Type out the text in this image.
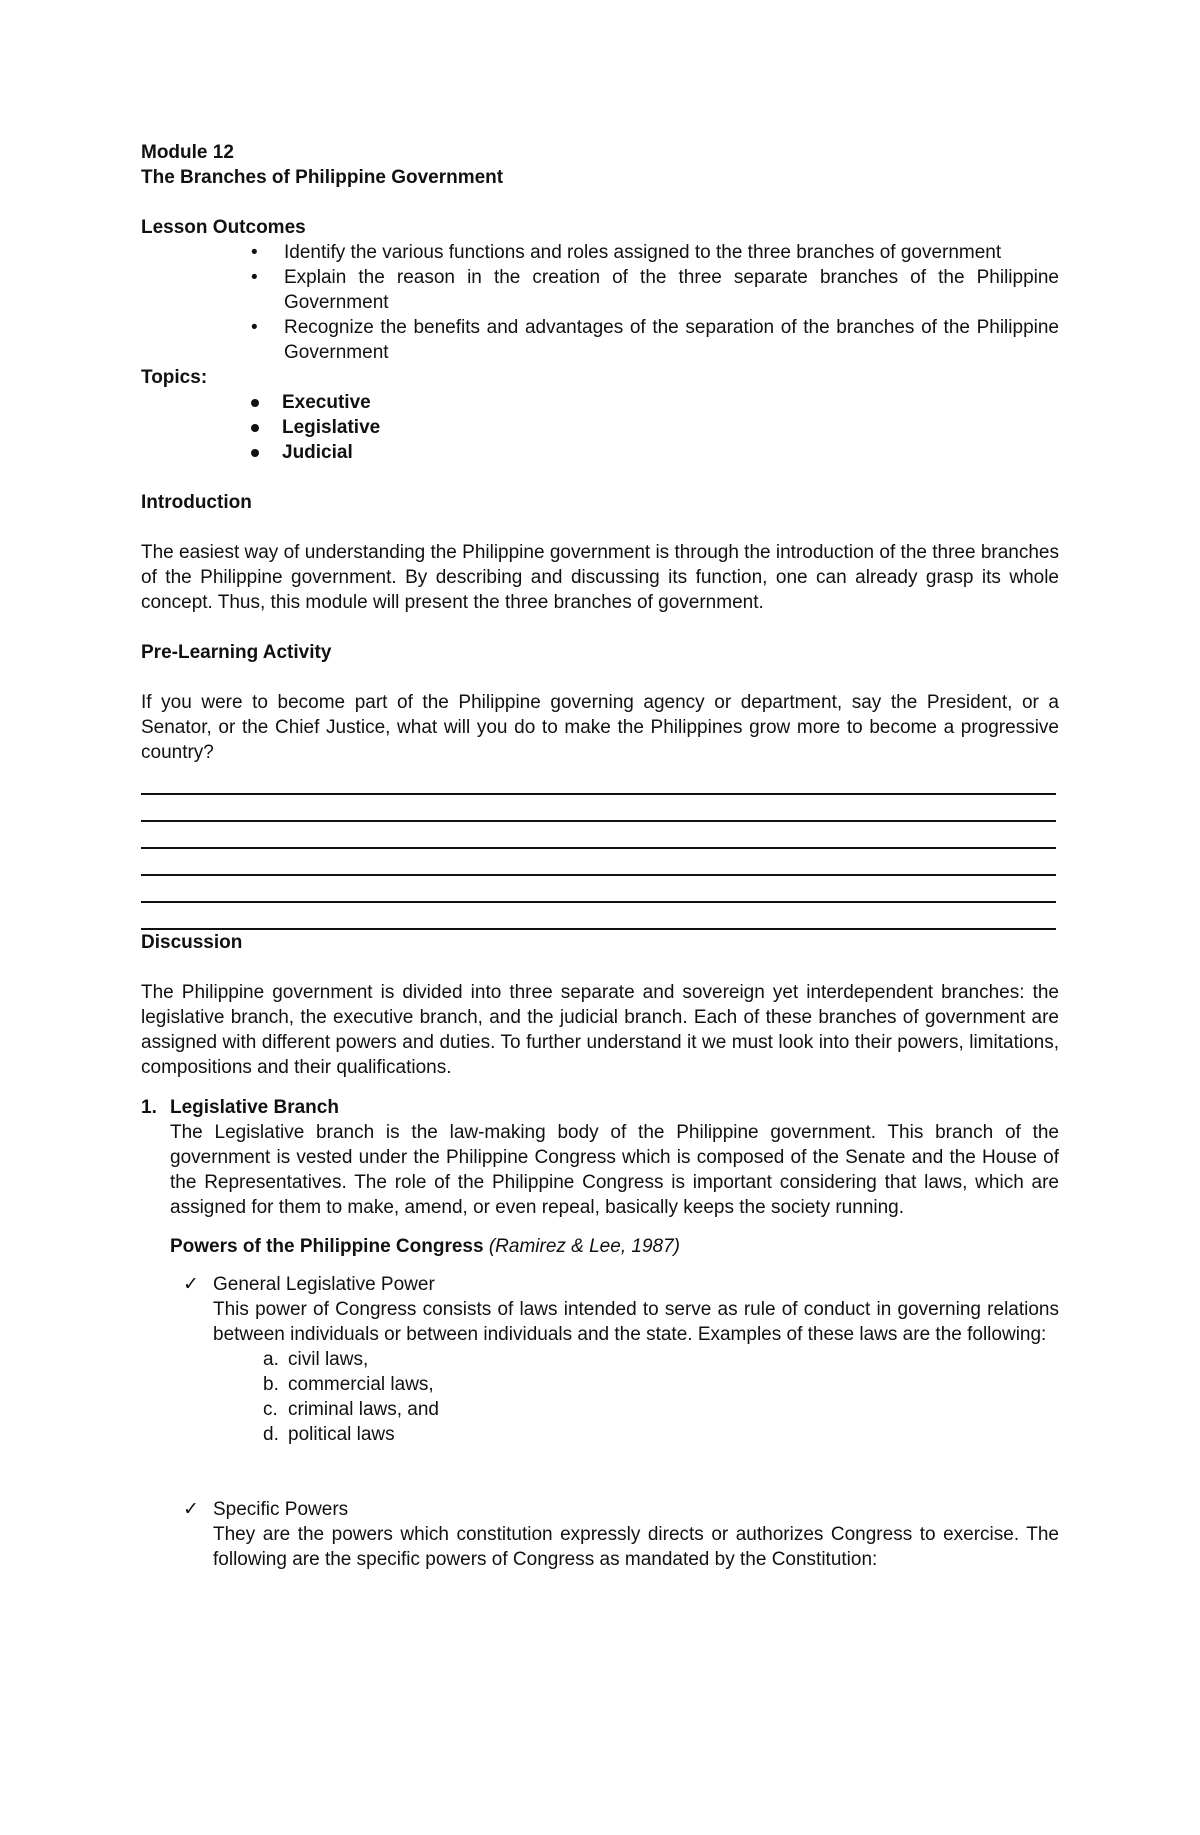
Module 12

The Branches of Philippine Government

Lesson Outcomes

• Identify the various functions and roles assigned to the three branches of government
• Explain the reason in the creation of the three separate branches of the Philippine Government
• Recognize the benefits and advantages of the separation of the branches of the Philippine Government

Topics:

Executive
Legislative
Judicial

Introduction

The easiest way of understanding the Philippine government is through the introduction of the three branches of the Philippine government. By describing and discussing its function, one can already grasp its whole concept. Thus, this module will present the three branches of government.

Pre-Learning Activity

If you were to become part of the Philippine governing agency or department, say the President, or a Senator, or the Chief Justice, what will you do to make the Philippines grow more to become a progressive country?

Discussion

The Philippine government is divided into three separate and sovereign yet interdependent branches: the legislative branch, the executive branch, and the judicial branch. Each of these branches of government are assigned with different powers and duties. To further understand it we must look into their powers, limitations, compositions and their qualifications.

1. Legislative Branch

The Legislative branch is the law-making body of the Philippine government. This branch of the government is vested under the Philippine Congress which is composed of the Senate and the House of the Representatives. The role of the Philippine Congress is important considering that laws, which are assigned for them to make, amend, or even repeal, basically keeps the society running.

Powers of the Philippine Congress (Ramirez & Lee, 1987)

✓ General Legislative Power

This power of Congress consists of laws intended to serve as rule of conduct in governing relations between individuals or between individuals and the state. Examples of these laws are the following:

a. civil laws,
b. commercial laws,
c. criminal laws, and
d. political laws
✓ Specific Powers

They are the powers which constitution expressly directs or authorizes Congress to exercise. The following are the specific powers of Congress as mandated by the Constitution:
